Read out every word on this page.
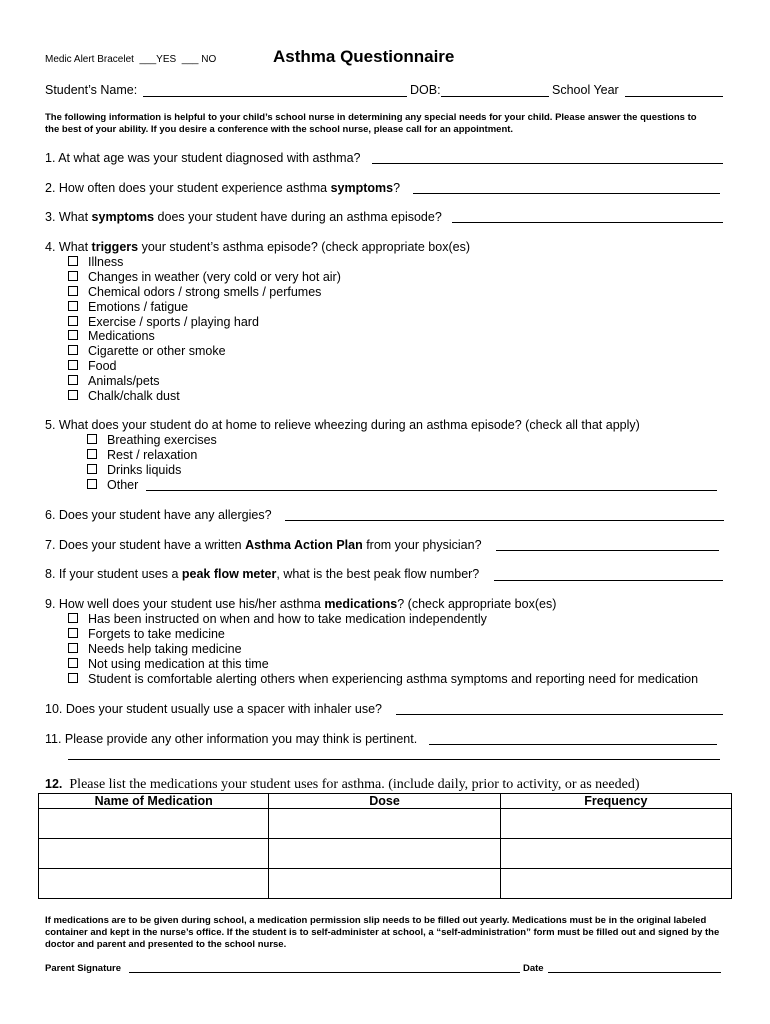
Medic Alert Bracelet ___YES ___ NO	Asthma Questionnaire
Student’s Name:	DOB:	School Year
The following information is helpful to your child’s school nurse in determining any special needs for your child. Please answer the questions to the best of your ability. If you desire a conference with the school nurse, please call for an appointment.
1. At what age was your student diagnosed with asthma?
2. How often does your student experience asthma symptoms?
3. What symptoms does your student have during an asthma episode?
4. What triggers your student’s asthma episode? (check appropriate box(es)
Illness
Changes in weather (very cold or very hot air)
Chemical odors / strong smells / perfumes
Emotions / fatigue
Exercise / sports / playing hard
Medications
Cigarette or other smoke
Food
Animals/pets
Chalk/chalk dust
5. What does your student do at home to relieve wheezing during an asthma episode? (check all that apply)
Breathing exercises
Rest / relaxation
Drinks liquids
Other
6. Does your student have any allergies?
7. Does your student have a written Asthma Action Plan from your physician?
8. If your student uses a peak flow meter, what is the best peak flow number?
9. How well does your student use his/her asthma medications? (check appropriate box(es)
Has been instructed on when and how to take medication independently
Forgets to take medicine
Needs help taking medicine
Not using medication at this time
Student is comfortable alerting others when experiencing asthma symptoms and reporting need for medication
10. Does your student usually use a spacer with inhaler use?
11. Please provide any other information you may think is pertinent.
12. Please list the medications your student uses for asthma. (include daily, prior to activity, or as needed)
Name of Medication	Dose	Frequency

If medications are to be given during school, a medication permission slip needs to be filled out yearly. Medications must be in the original labeled container and kept in the nurse’s office. If the student is to self-administer at school, a “self-administration” form must be filled out and signed by the doctor and parent and presented to the school nurse.
Parent Signature	Date
